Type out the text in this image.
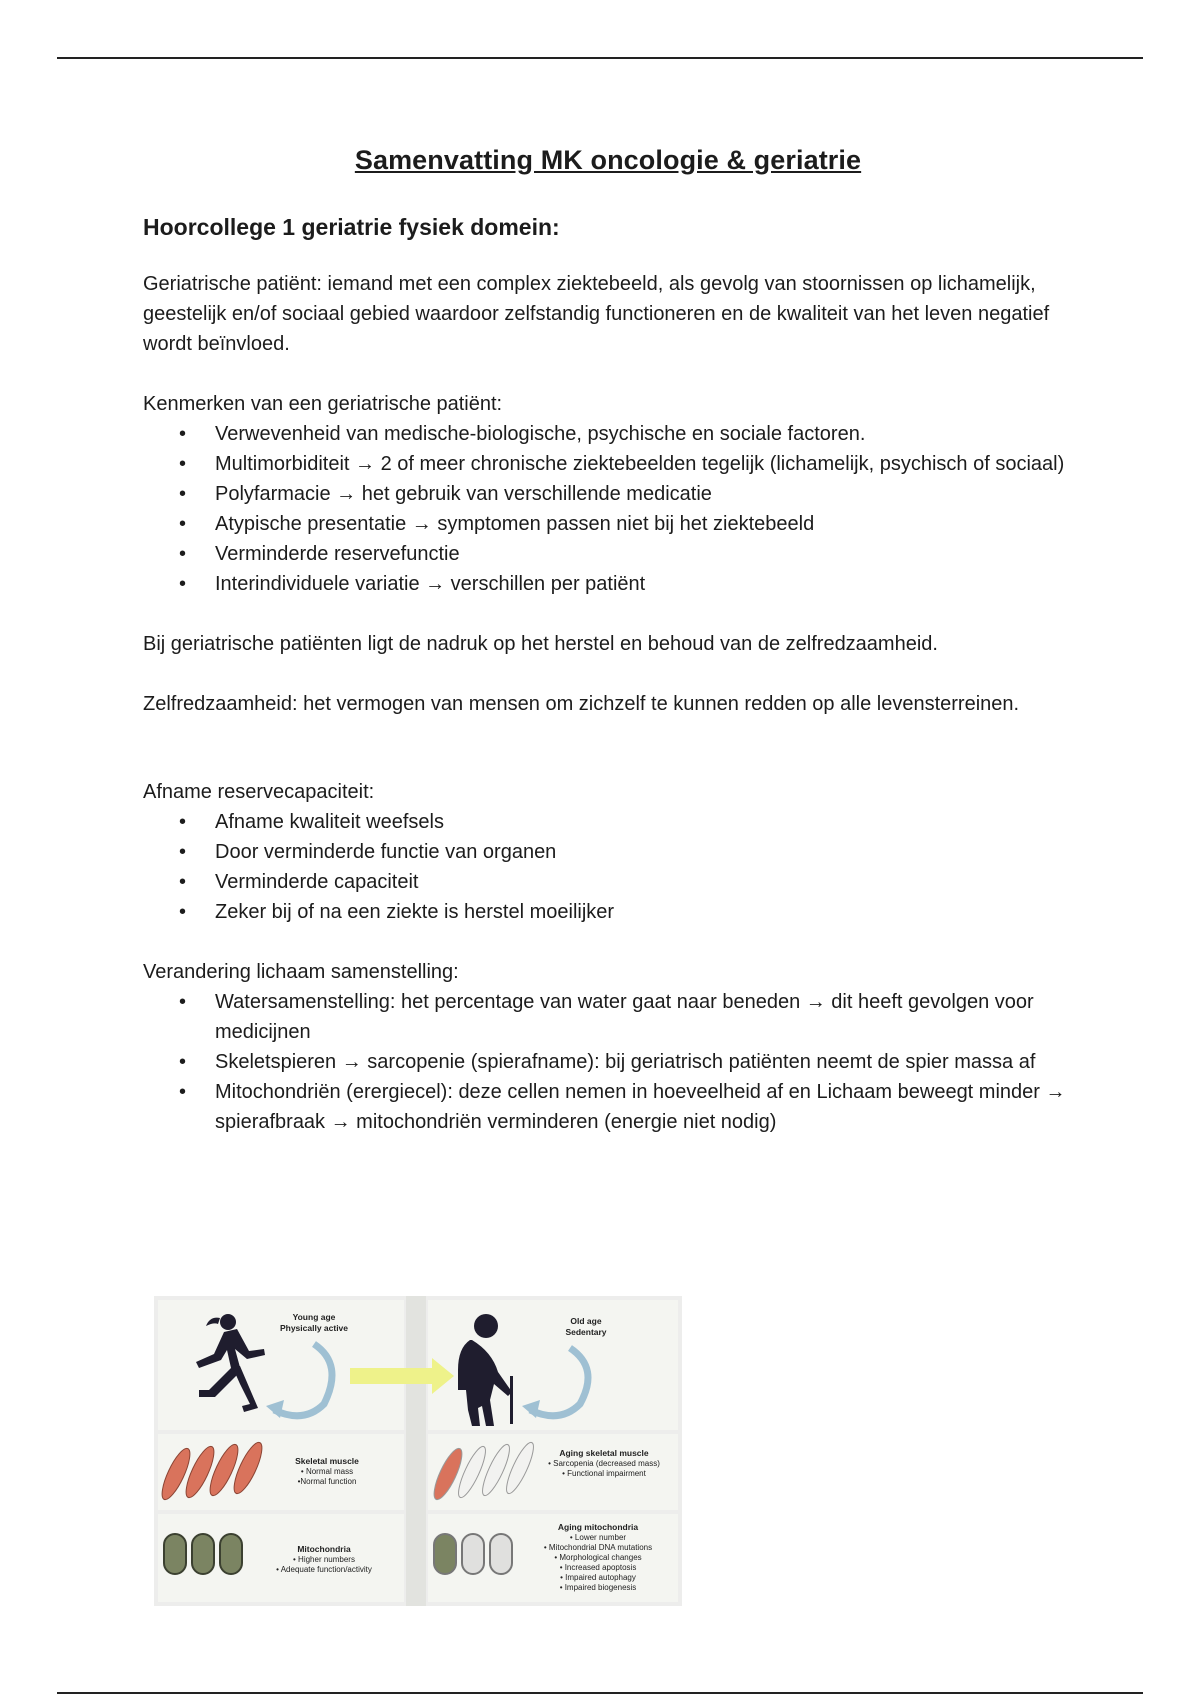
Samenvatting MK oncologie & geriatrie
Hoorcollege 1 geriatrie fysiek domein:

Geriatrische patiënt: iemand met een complex ziektebeeld, als gevolg van stoornissen op lichamelijk, geestelijk en/of sociaal gebied waardoor zelfstandig functioneren en de kwaliteit van het leven negatief wordt beïnvloed.

Kenmerken van een geriatrische patiënt:

• Verwevenheid van medische-biologische, psychische en sociale factoren.
• Multimorbiditeit → 2 of meer chronische ziektebeelden tegelijk (lichamelijk, psychisch of sociaal)
• Polyfarmacie → het gebruik van verschillende medicatie
• Atypische presentatie → symptomen passen niet bij het ziektebeeld
• Verminderde reservefunctie
• Interindividuele variatie → verschillen per patiënt

Bij geriatrische patiënten ligt de nadruk op het herstel en behoud van de zelfredzaamheid.

Zelfredzaamheid: het vermogen van mensen om zichzelf te kunnen redden op alle levensterreinen.

Afname reservecapaciteit:

• Afname kwaliteit weefsels
• Door verminderde functie van organen
• Verminderde capaciteit
• Zeker bij of na een ziekte is herstel moeilijker

Verandering lichaam samenstelling:

• Watersamenstelling: het percentage van water gaat naar beneden → dit heeft gevolgen voor medicijnen
• Skeletspieren → sarcopenie (spierafname): bij geriatrisch patiënten neemt de spier massa af
• Mitochondriën (erergiecel): deze cellen nemen in hoeveelheid af en Lichaam beweegt minder → spierafbraak → mitochondriën verminderen (energie niet nodig)
Young age
Physically active
Old age
Sedentary
Skeletal muscle
• Normal mass
•Normal function
Aging skeletal muscle
• Sarcopenia (decreased mass)
• Functional impairment
Mitochondria
• Higher numbers
• Adequate function/activity
Aging mitochondria
• Lower number
• Mitochondrial DNA mutations
• Morphological changes
• Increased apoptosis
• Impaired autophagy
• Impaired biogenesis
